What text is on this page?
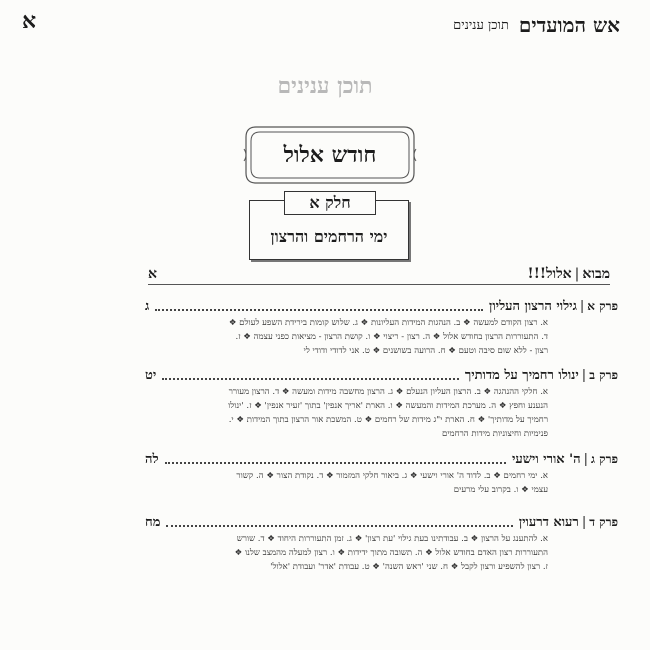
אש המועדים
תוכן ענינים
א
תוכן ענינים
חודש אלול
חלק א
ימי הרחמים והרצון
מבוא
|
אלול!!!
א
פרק א
|
גילוי הרצון העליון
ג
א. רצון הקודם למעשה ❖ ב. הנהגות המידות העליונות ❖ ג. שלוש קומות בירידת השפע לעולם ❖
ד. התעוררות הרצון בחודש אלול ❖ ה. רצון - ריצוי ❖ ו. קושת הרצון - מציאות כפני עצמה ❖ ז.
רצון - ללא שום סיבה וטעם ❖ ח. הרועה בשושנים ❖ ט. אני לדודי ודודי לי
פרק ב
|
ינולו רחמיך על מדותיך
יט
א. חלקי ההנהגה ❖ ב. הרצון העליון הנעלם ❖ ג. הרצון מחשבה מידות ומעשה ❖ ד. הרצון מעורר
הנענע וחפץ ❖ ה. מערכת המידות והמעשה ❖ ו. הארת 'אריך אנפין' בתוך 'זעיר אנפין' ❖ ז. 'ינולו
רחמיך על מדותיך' ❖ ח. הארת י"ג מידות של רחמים ❖ ט. המשכת אור הרצון בתוך המידות ❖ י.
פנימיות וחיצוניות מידות הרחמים
פרק ג
|
ה' אורי וישעי
לה
א. ימי רחמים ❖ ב. לדוד ה' אורי וישעי ❖ ג. ביאור חלקי המזמור ❖ ד. נקודת הצור ❖ ה. קשור
עצמי ❖ ו. בקרוב עלי מרעים
פרק ד
|
רעוא דרעוין
מח
א. להתענג על הרצון ❖ ב. עבודתינו בעת גילוי 'עת רצון' ❖ ג. זמן התעוררות היחוד ❖ ד. שורש
התעוררות רצון האדם בחודש אלול ❖ ה. תשובה מתוך ידידות ❖ ו. רצון למעלה מהמצב שלנו ❖
ז. רצון להשפיע ורצון לקבל ❖ ח. שני 'ראש השנה' ❖ ט. עבודת 'אדר' ועבודת 'אלול'
